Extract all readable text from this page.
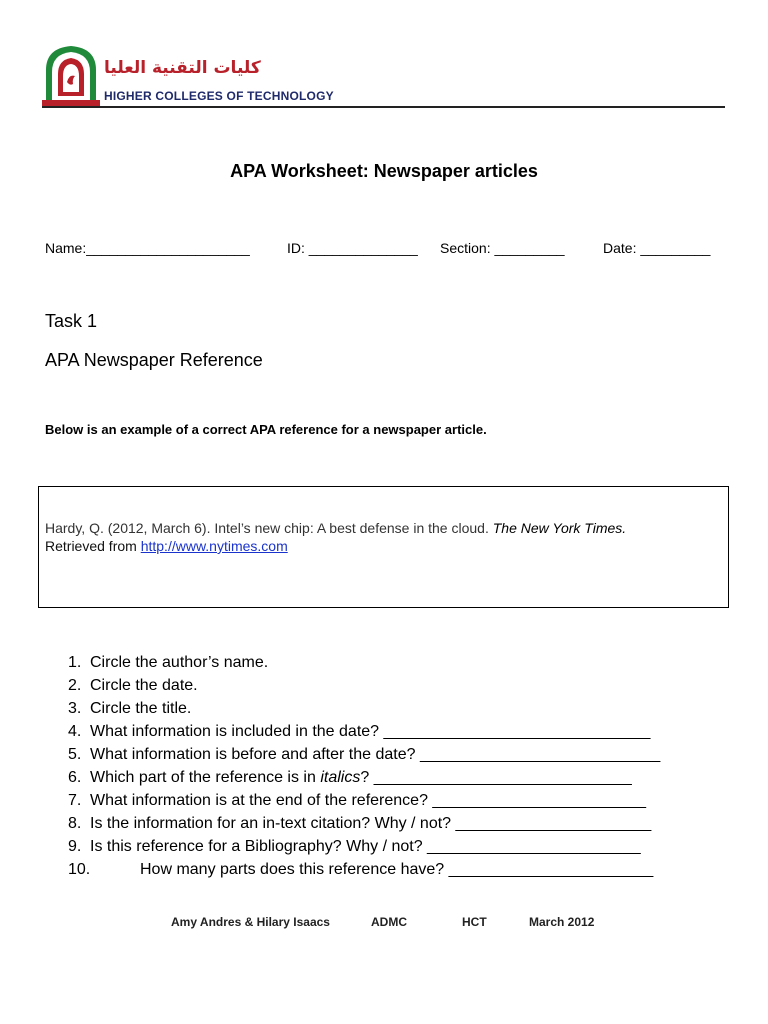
كليات التقنية العليا
HIGHER COLLEGES OF TECHNOLOGY
APA Worksheet: Newspaper articles
Name:_____________________	ID: ______________ Section: _________	Date: _________
Task 1
APA Newspaper Reference
Below is an example of a correct APA reference for a newspaper article.
Hardy, Q. (2012, March 6). Intel’s new chip: A best defense in the cloud. The New York Times.
Retrieved from http://www.nytimes.com
1. Circle the author’s name.
2. Circle the date.
3. Circle the title.
4. What information is included in the date? ______________________________
5. What information is before and after the date? ___________________________
6. Which part of the reference is in italics? _____________________________
7. What information is at the end of the reference? ________________________
8. Is the information for an in-text citation? Why / not? ______________________
9. Is this reference for a Bibliography? Why / not? ________________________
10.	How many parts does this reference have? _______________________
Amy Andres & Hilary Isaacs	ADMC	HCT	March 2012
